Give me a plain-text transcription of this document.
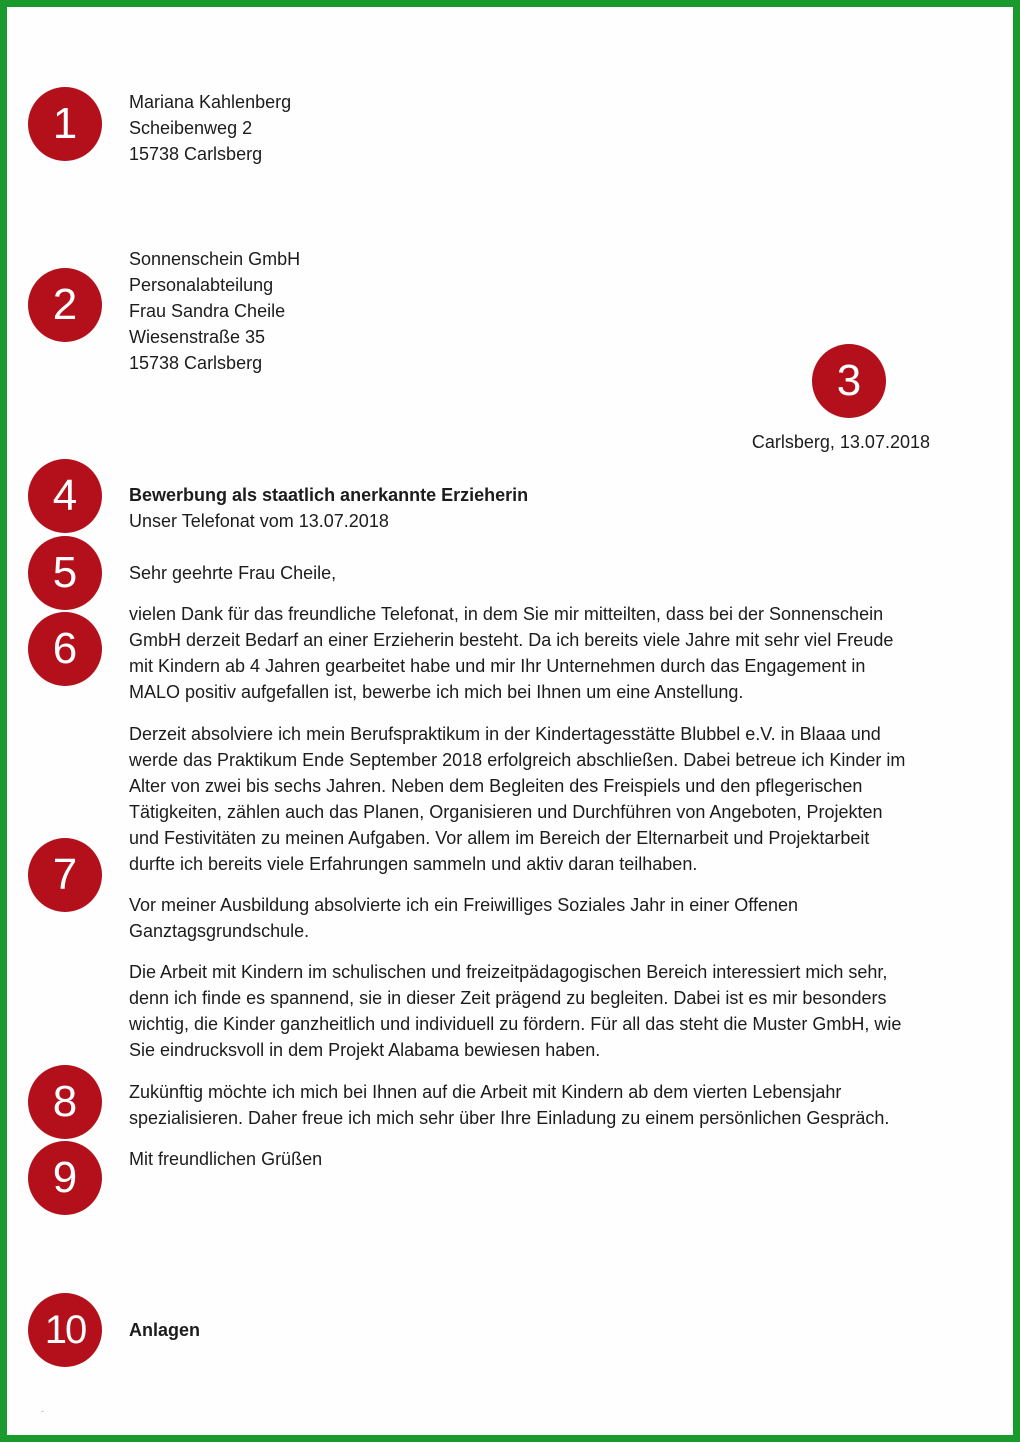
1
2
3
4
5
6
7
8
9
10
Mariana Kahlenberg
Scheibenweg 2
15738 Carlsberg
Sonnenschein GmbH
Personalabteilung
Frau Sandra Cheile
Wiesenstraße 35
15738 Carlsberg
Carlsberg, 13.07.2018
Bewerbung als staatlich anerkannte Erzieherin
Unser Telefonat vom 13.07.2018
Sehr geehrte Frau Cheile,
vielen Dank für das freundliche Telefonat, in dem Sie mir mitteilten, dass bei der Sonnenschein
GmbH derzeit Bedarf an einer Erzieherin besteht. Da ich bereits viele Jahre mit sehr viel Freude
mit Kindern ab 4 Jahren gearbeitet habe und mir Ihr Unternehmen durch das Engagement in
MALO positiv aufgefallen ist, bewerbe ich mich bei Ihnen um eine Anstellung.
Derzeit absolviere ich mein Berufspraktikum in der Kindertagesstätte Blubbel e.V. in Blaaa und
werde das Praktikum Ende September 2018 erfolgreich abschließen. Dabei betreue ich Kinder im
Alter von zwei bis sechs Jahren. Neben dem Begleiten des Freispiels und den pflegerischen
Tätigkeiten, zählen auch das Planen, Organisieren und Durchführen von Angeboten, Projekten
und Festivitäten zu meinen Aufgaben. Vor allem im Bereich der Elternarbeit und Projektarbeit
durfte ich bereits viele Erfahrungen sammeln und aktiv daran teilhaben.
Vor meiner Ausbildung absolvierte ich ein Freiwilliges Soziales Jahr in einer Offenen
Ganztagsgrundschule.
Die Arbeit mit Kindern im schulischen und freizeitpädagogischen Bereich interessiert mich sehr,
denn ich finde es spannend, sie in dieser Zeit prägend zu begleiten. Dabei ist es mir besonders
wichtig, die Kinder ganzheitlich und individuell zu fördern. Für all das steht die Muster GmbH, wie
Sie eindrucksvoll in dem Projekt Alabama bewiesen haben.
Zukünftig möchte ich mich bei Ihnen auf die Arbeit mit Kindern ab dem vierten Lebensjahr
spezialisieren. Daher freue ich mich sehr über Ihre Einladung zu einem persönlichen Gespräch.
Mit freundlichen Grüßen
Anlagen
